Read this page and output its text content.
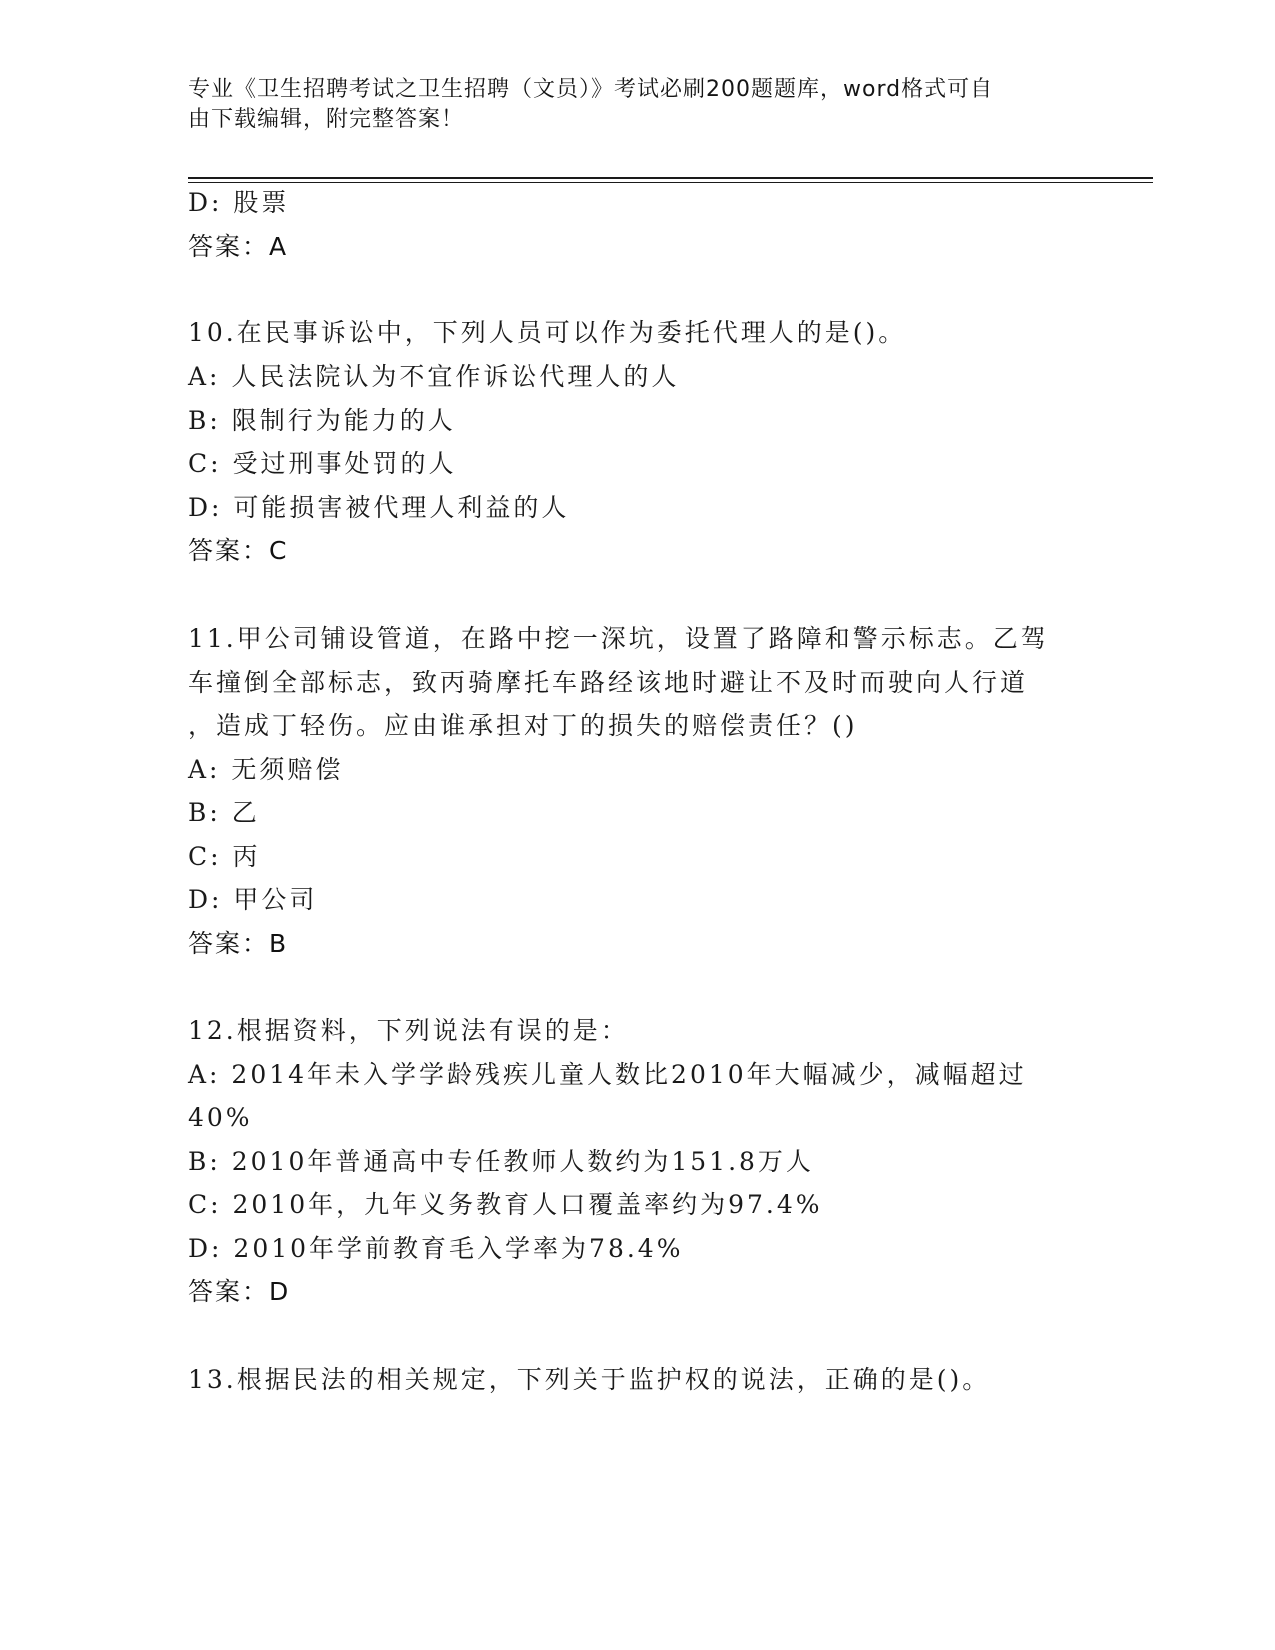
专业《卫生招聘考试之卫生招聘（文员）》考试必刷200题题库，word格式可自
由下载编辑，附完整答案！
D: 股票
答案：A
10.在民事诉讼中，下列人员可以作为委托代理人的是()。
A: 人民法院认为不宜作诉讼代理人的人
B: 限制行为能力的人
C: 受过刑事处罚的人
D: 可能损害被代理人利益的人
答案：C
11.甲公司铺设管道，在路中挖一深坑，设置了路障和警示标志。乙驾
车撞倒全部标志，致丙骑摩托车路经该地时避让不及时而驶向人行道
，造成丁轻伤。应由谁承担对丁的损失的赔偿责任？()
A: 无须赔偿
B: 乙
C: 丙
D: 甲公司
答案：B
12.根据资料，下列说法有误的是：
A: 2014年未入学学龄残疾儿童人数比2010年大幅减少，减幅超过
40%
B: 2010年普通高中专任教师人数约为151.8万人
C: 2010年，九年义务教育人口覆盖率约为97.4%
D: 2010年学前教育毛入学率为78.4%
答案：D
13.根据民法的相关规定，下列关于监护权的说法，正确的是()。
